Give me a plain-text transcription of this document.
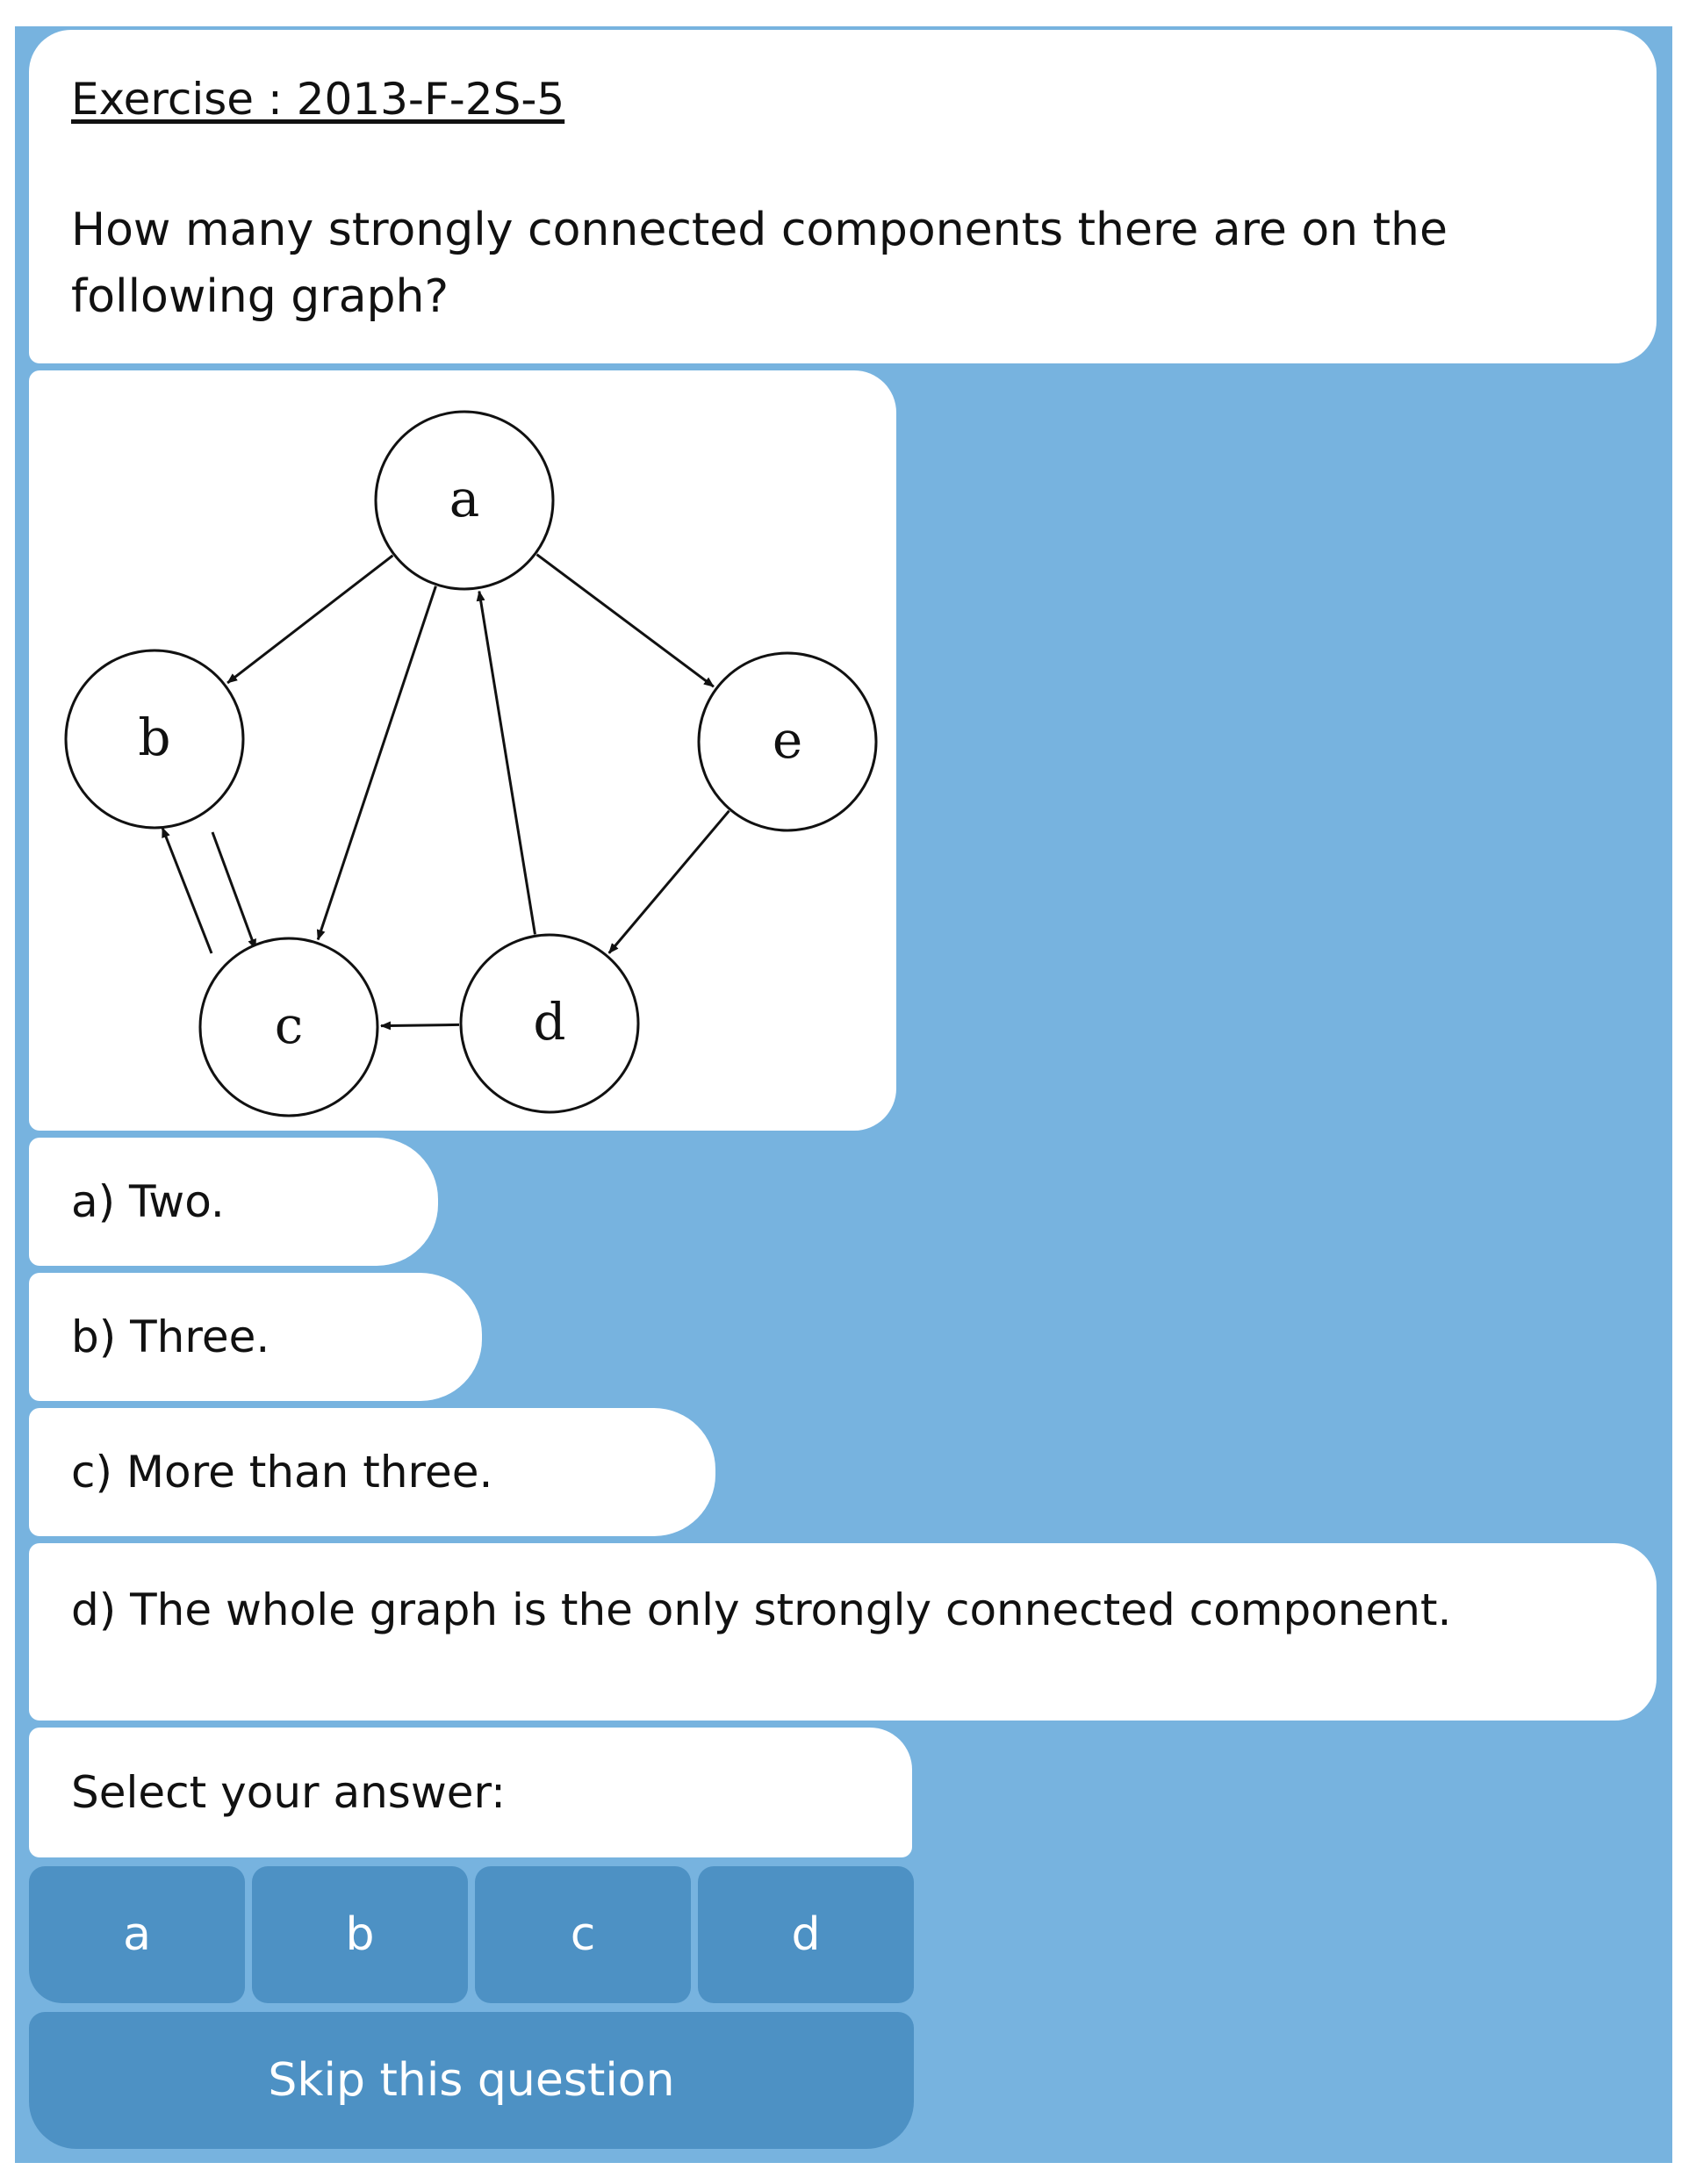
Exercise : 2013-F-2S-5

How many strongly connected components there are on the following graph?

a
b
c	d
e
a) Two.
b) Three.
c) More than three.
d) The whole graph is the only strongly connected component.
Select your answer:
a	b	c	d
Skip this question
